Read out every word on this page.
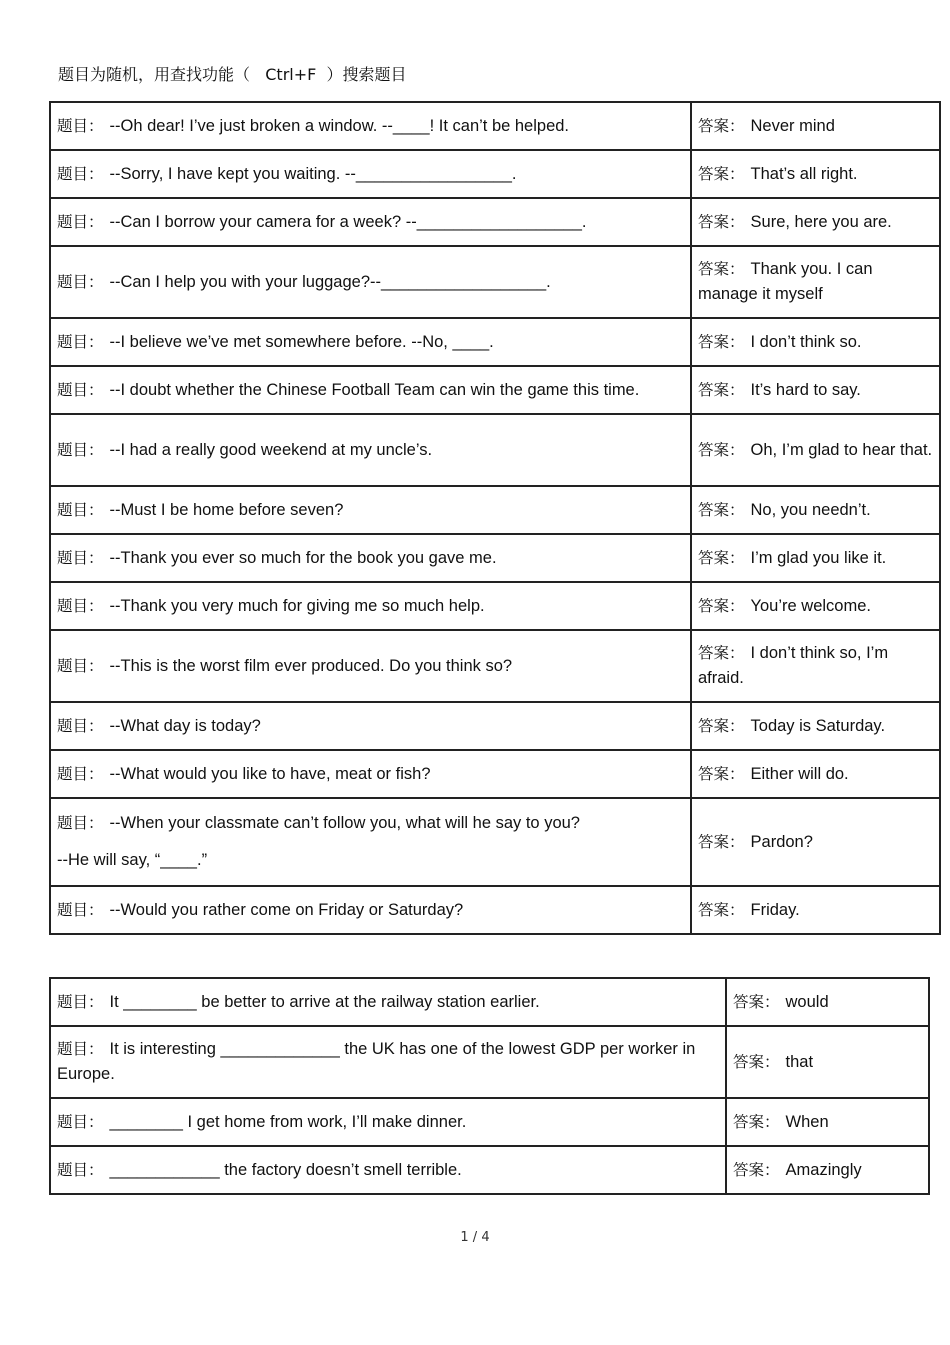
题目为随机，用查找功能（   Ctrl+F  ）搜索题目
题目： --Oh dear! I’ve just broken a window. --____! It can’t be helped.	答案： Never mind
题目： --Sorry, I have kept you waiting. --_________________.	答案： That’s all right.
题目： --Can I borrow your camera for a week? --__________________.	答案： Sure, here you are.
题目： --Can I help you with your luggage?--__________________.	答案： Thank you. I can manage it myself
题目： --I believe we’ve met somewhere before. --No, ____.	答案： I don’t think so.
题目： --I doubt whether the Chinese Football Team can win the game this time.	答案： It’s hard to say.
题目： --I had a really good weekend at my uncle’s.	答案： Oh, I’m glad to hear that.
题目： --Must I be home before seven?	答案： No, you needn’t.
题目： --Thank you ever so much for the book you gave me.	答案： I’m glad you like it.
题目： --Thank you very much for giving me so much help.	答案： You’re welcome.
题目： --This is the worst film ever produced. Do you think so?	答案： I don’t think so, I’m afraid.
题目： --What day is today?	答案： Today is Saturday.
题目： --What would you like to have, meat or fish?	答案： Either will do.
题目： --When your classmate can’t follow you, what will he say to you?
--He will say, “____.”	答案： Pardon?
题目： --Would you rather come on Friday or Saturday?	答案： Friday.
题目： It ________ be better to arrive at the railway station earlier.	答案： would
题目： It is interesting _____________ the UK has one of the lowest GDP per worker in Europe.	答案： that
题目： ________ I get home from work, I’ll make dinner.	答案： When
题目： ____________ the factory doesn’t smell terrible.	答案： Amazingly
1 / 4
